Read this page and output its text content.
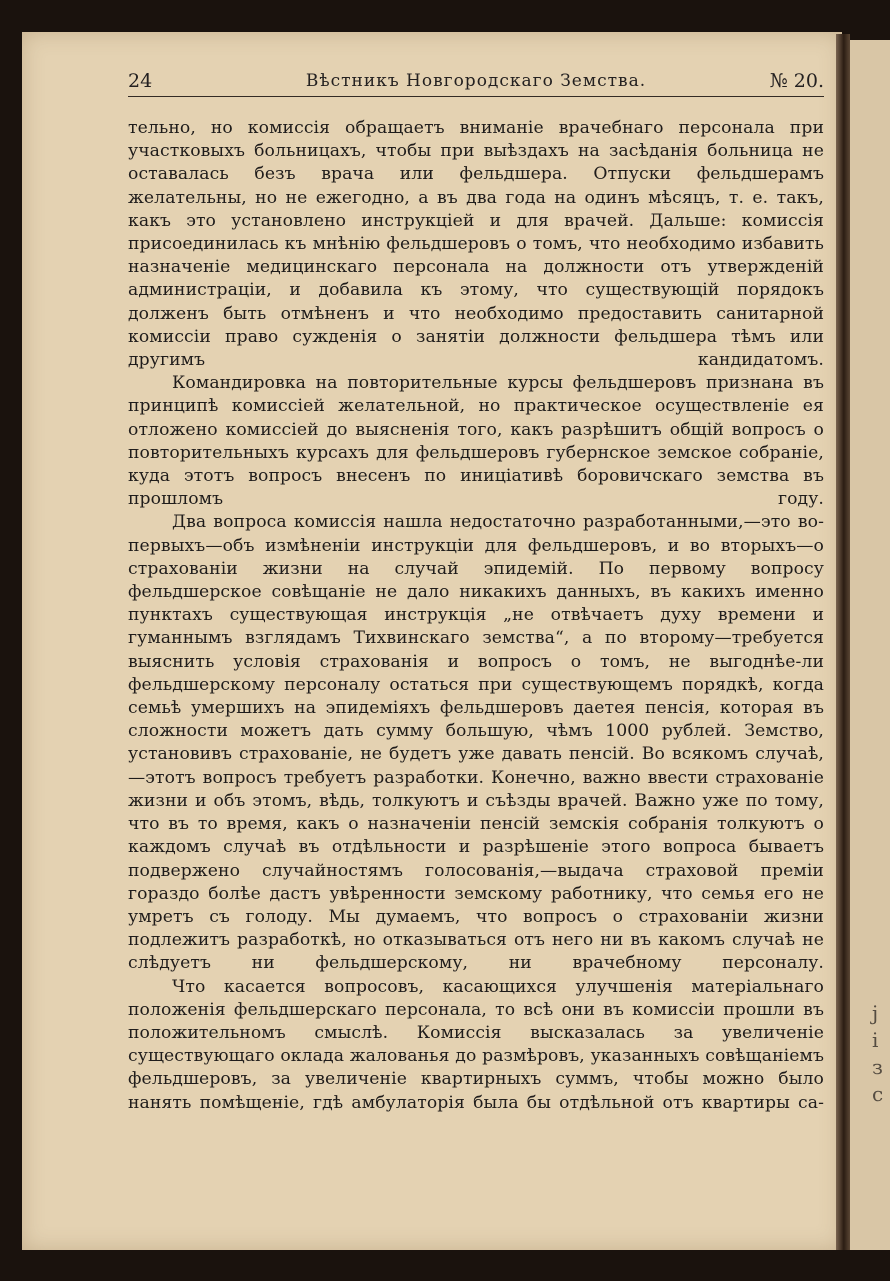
ј
і
з
с
24	Вѣстникъ Новгородскаго Земства.	№ 20.

тельно, но комиссія обращаетъ вниманіе врачебнаго персонала при участковыхъ больницахъ, чтобы при выѣздахъ на засѣданія больница не оставалась безъ врача или фельдшера. Отпуски фельдшерамъ желательны, но не ежегодно, а въ два года на одинъ мѣсяцъ, т. е. такъ, какъ это установлено инструкціей и для врачей. Дальше: комиссія присоединилась къ мнѣнію фельдшеровъ о томъ, что необходимо избавить назначеніе медицинскаго персонала на должности отъ утвержденій администраціи, и добавила къ этому, что существующій порядокъ долженъ быть отмѣненъ и что необходимо предоставить санитарной комиссіи право сужденія о занятіи должности фельдшера тѣмъ или другимъ кандидатомъ.

Командировка на повторительные курсы фельдшеровъ признана въ принципѣ комиссіей желательной, но практическое осуществленіе ея отложено комиссіей до выясненія того, какъ разрѣшитъ общій вопросъ о повторительныхъ курсахъ для фельдшеровъ губернское земское собраніе, куда этотъ вопросъ внесенъ по иниціативѣ боровичскаго земства въ прошломъ году.

Два вопроса комиссія нашла недостаточно разработанными,—это во-первыхъ—объ измѣненіи инструкціи для фельдшеровъ, и во вторыхъ—о страхованіи жизни на случай эпидемій. По первому вопросу фельдшерское совѣщаніе не дало никакихъ данныхъ, въ какихъ именно пунктахъ существующая инструкція „не отвѣчаетъ духу времени и гуманнымъ взглядамъ Тихвинскаго земства“, а по второму—требуется выяснить условія страхованія и вопросъ о томъ, не выгоднѣе-ли фельдшерскому персоналу остаться при существующемъ порядкѣ, когда семьѣ умершихъ на эпидеміяхъ фельдшеровъ даетея пенсія, которая въ сложности можетъ дать сумму большую, чѣмъ 1000 рублей. Земство, установивъ страхованіе, не будетъ уже давать пенсій. Во всякомъ случаѣ,—этотъ вопросъ требуетъ разработки. Конечно, важно ввести страхованіе жизни и объ этомъ, вѣдь, толкуютъ и съѣзды врачей. Важно уже по тому, что въ то время, какъ о назначеніи пенсій земскія собранія толкуютъ о каждомъ случаѣ въ отдѣльности и разрѣшеніе этого вопроса бываетъ подвержено случайностямъ голосованія,—выдача страховой преміи гораздо болѣе дастъ увѣренности земскому работнику, что семья его не умретъ съ голоду. Мы думаемъ, что вопросъ о страхованіи жизни подлежитъ разработкѣ, но отказываться отъ него ни въ какомъ случаѣ не слѣдуетъ ни фельдшерскому, ни врачебному персоналу.

Что касается вопросовъ, касающихся улучшенія матеріальнаго положенія фельдшерскаго персонала, то всѣ они въ комиссіи прошли въ положительномъ смыслѣ. Комиссія высказалась за увеличеніе существующаго оклада жалованья до размѣровъ, указанныхъ совѣщаніемъ фельдшеровъ, за увеличеніе квартирныхъ суммъ, чтобы можно было нанять помѣщеніе, гдѣ амбулаторія была бы отдѣльной отъ квартиры са-
